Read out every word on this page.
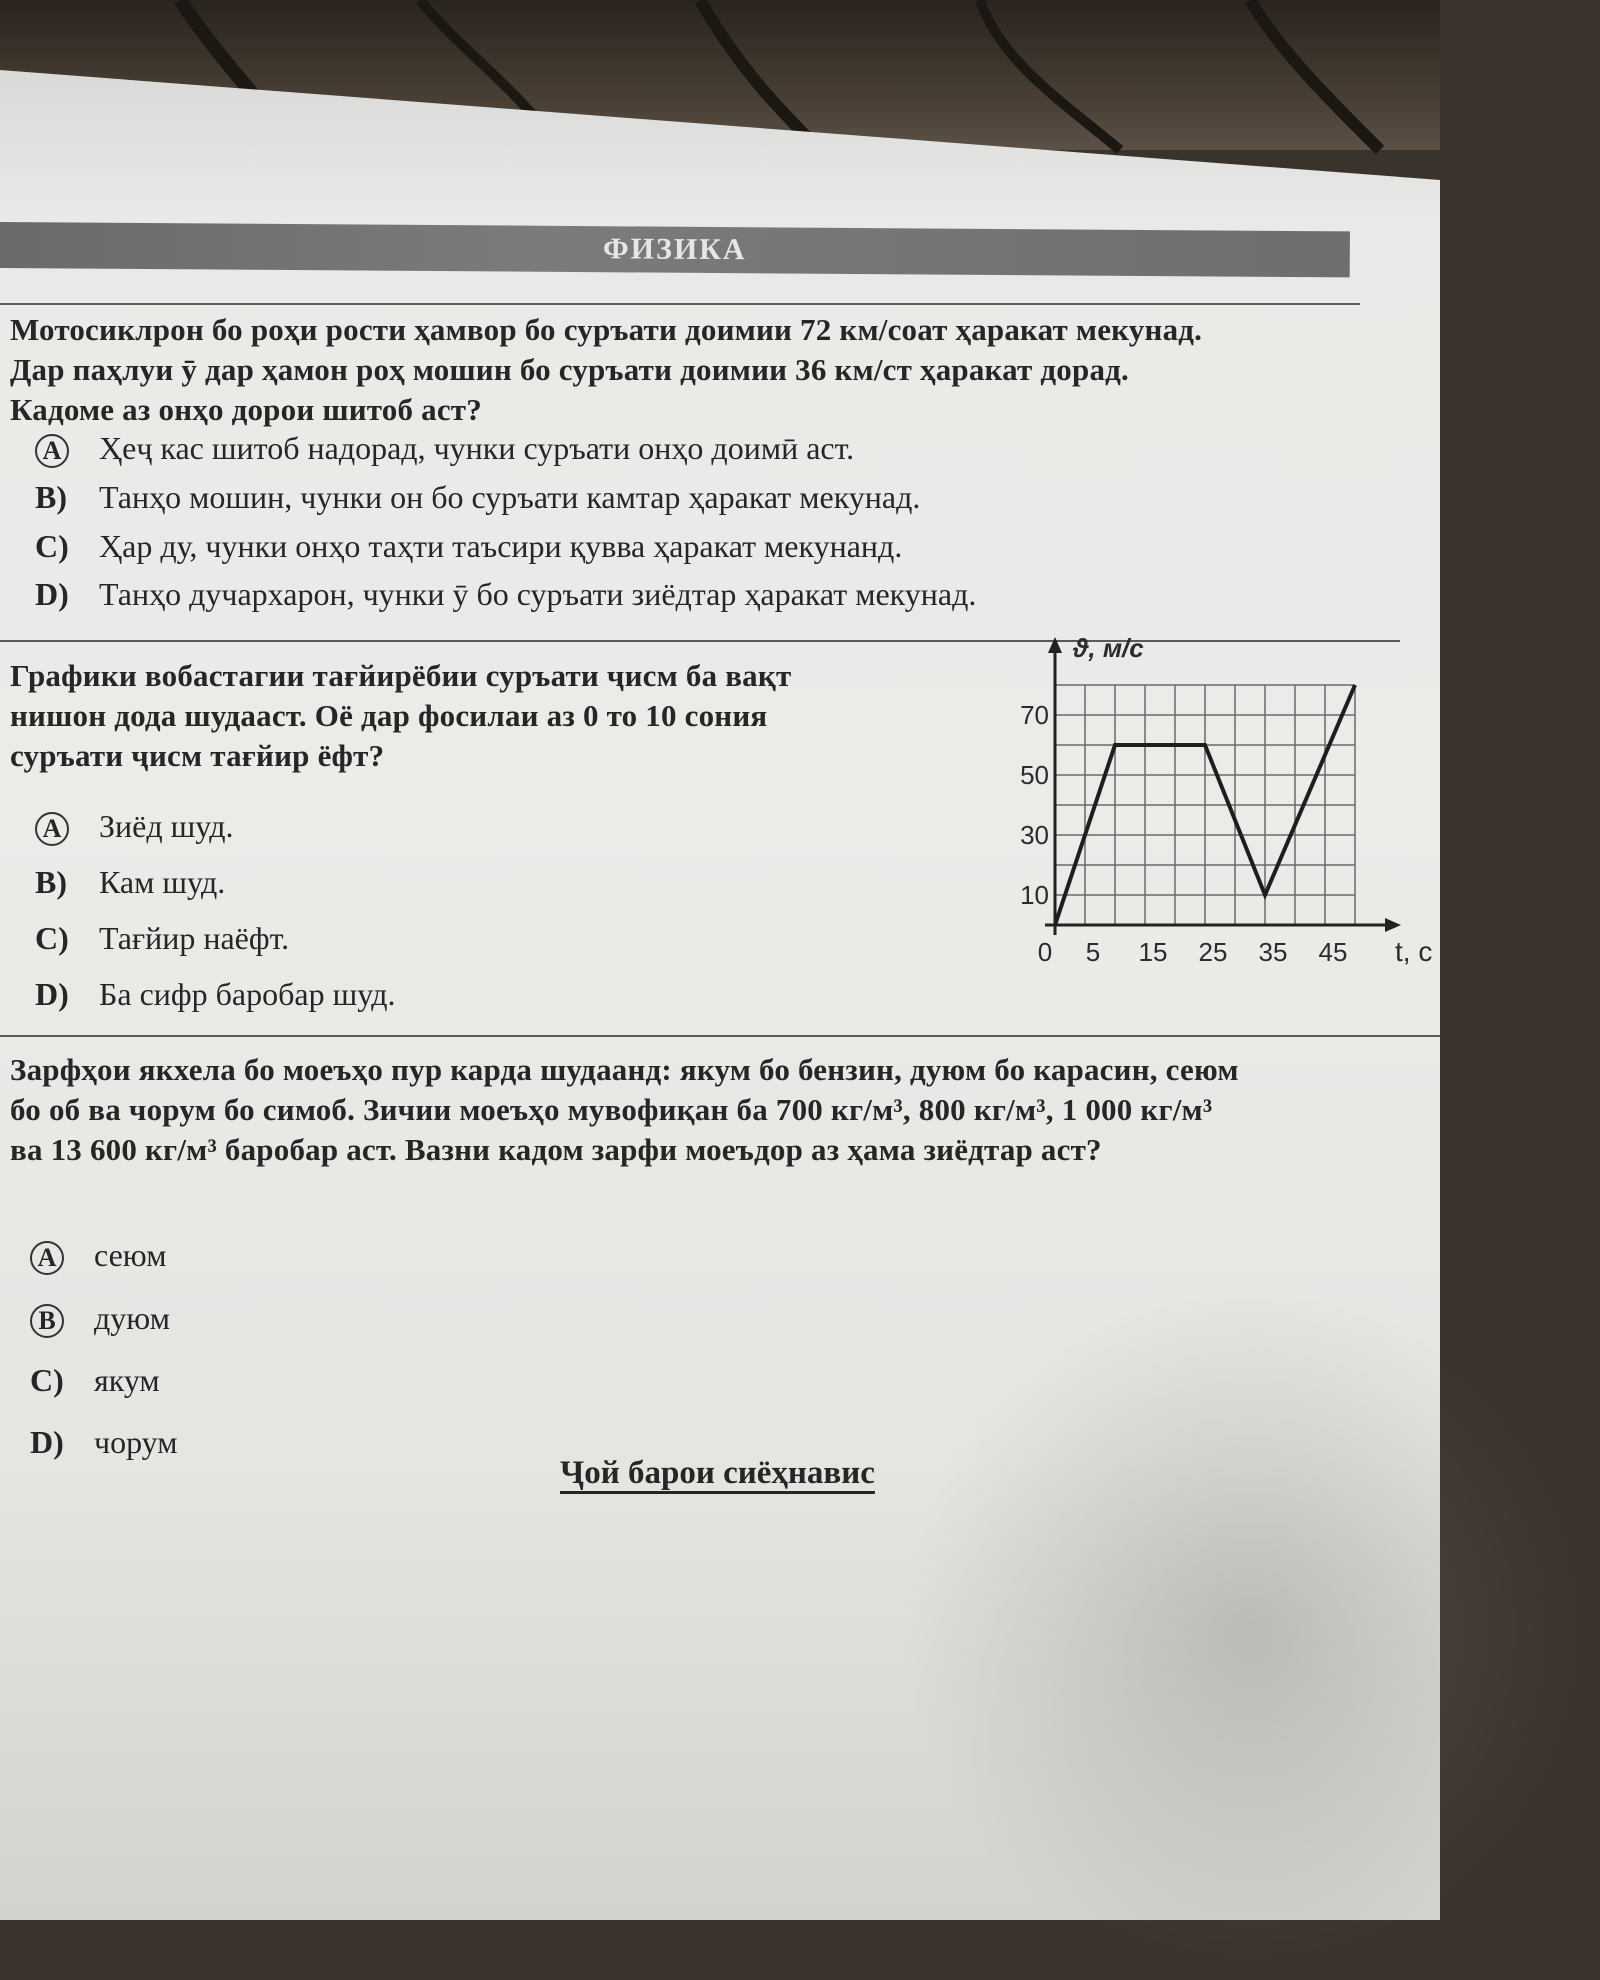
ФИЗИКА
Мотосиклрон бо роҳи рости ҳамвор бо суръати доимии 72 км/соат ҳаракат мекунад.
Дар паҳлуи ӯ дар ҳамон роҳ мошин бо суръати доимии 36 км/ст ҳаракат дорад.
Кадоме аз онҳо дорои шитоб аст?
A	Ҳеҷ кас шитоб надорад, чунки суръати онҳо доимӣ аст.
B)	Танҳо мошин, чунки он бо суръати камтар ҳаракат мекунад.
C) Ҳар ду, чунки онҳо таҳти таъсири қувва ҳаракат мекунанд.
D) Танҳо дучархарон, чунки ӯ бо суръати зиёдтар ҳаракат мекунад.
Графики вобастагии тағйирёбии суръати ҷисм ба вақт
нишон дода шудааст. Оё дар фосилаи аз 0 то 10 сония
суръати ҷисм тағйир ёфт?
A	Зиёд шуд.
B)	Кам шуд.
C) Тағйир наёфт.
D) Ба сифр баробар шуд.
10
30
50
70
0 5 15 25 35 45
ϑ, м/с
t, c
Зарфҳои якхела бо моеъҳо пур карда шудаанд: якум бо бензин, дуюм бо карасин, сеюм
бо об ва чорум бо симоб. Зичии моеъҳо мувофиқан ба 700 кг/м³, 800 кг/м³, 1 000 кг/м³
ва 13 600 кг/м³ баробар аст. Вазни кадом зарфи моеъдор аз ҳама зиёдтар аст?
A	сеюм
B	дуюм
C) якум
D) чорум
Ҷой барои сиёҳнавис
